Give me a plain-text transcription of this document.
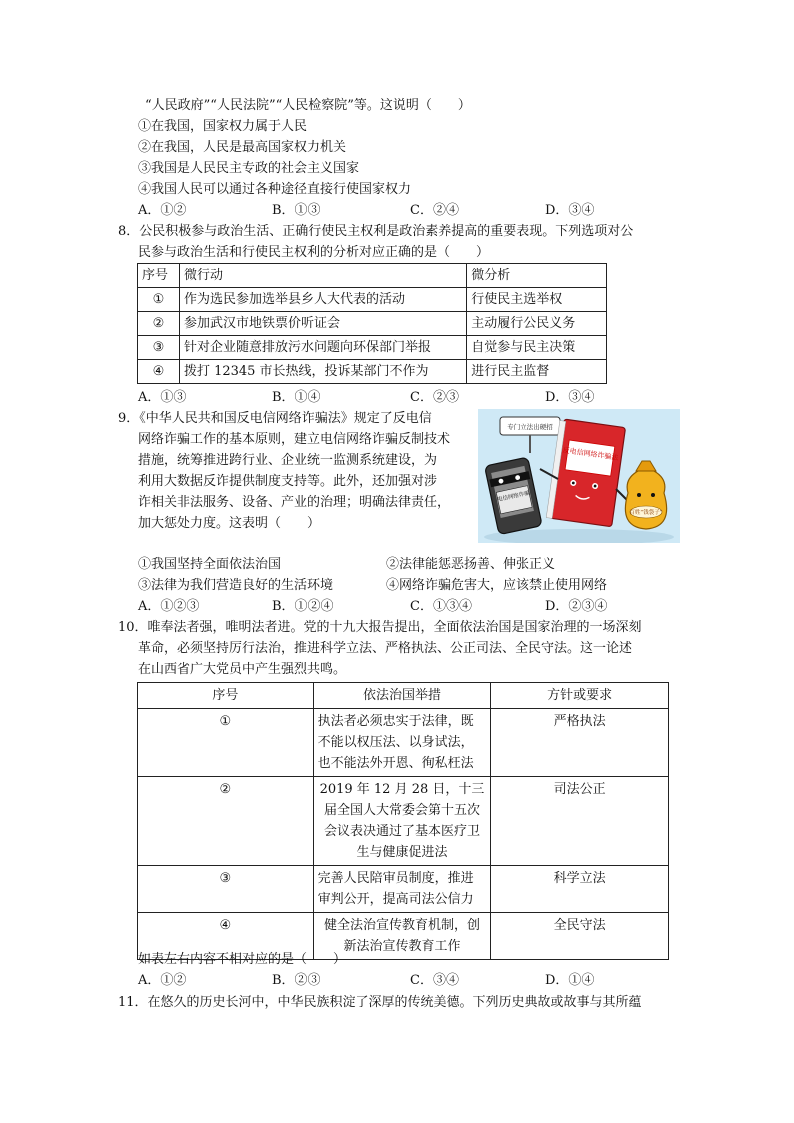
“人民政府”“人民法院”“人民检察院”等。这说明（　　）
①在我国，国家权力属于人民
②在我国，人民是最高国家权力机关
③我国是人民民主专政的社会主义国家
④我国人民可以通过各种途径直接行使国家权力
A．①②	B．①③	C．②④	D．③④
8．公民积极参与政治生活、正确行使民主权利是政治素养提高的重要表现。下列选项对公
民参与政治生活和行使民主权利的分析对应正确的是（　　）
序号	微行动	微分析
①	作为选民参加选举县乡人大代表的活动	行使民主选举权
②	参加武汉市地铁票价听证会	主动履行公民义务
③	针对企业随意排放污水问题向环保部门举报	自觉参与民主决策
④	拨打 12345 市长热线，投诉某部门不作为	进行民主监督
A．①③	B．①④	C．②③	D．③④
9．《中华人民共和国反电信网络诈骗法》规定了反电信
网络诈骗工作的基本原则，建立电信网络诈骗反制技术
措施，统筹推进跨行业、企业统一监测系统建设，为
利用大数据反诈提供制度支持等。此外，还加强对涉
诈相关非法服务、设备、产业的治理；明确法律责任，
加大惩处力度。这表明（　　）
专门立法出硬招
电信网络诈骗
反电信网络诈骗法
百姓“钱袋子”
①我国坚持全面依法治国	②法律能惩恶扬善、伸张正义
③法律为我们营造良好的生活环境	④网络诈骗危害大，应该禁止使用网络
A．①②③	B．①②④	C．①③④	D．②③④
10．唯奉法者强，唯明法者进。党的十九大报告提出，全面依法治国是国家治理的一场深刻
革命，必须坚持厉行法治，推进科学立法、严格执法、公正司法、全民守法。这一论述
在山西省广大党员中产生强烈共鸣。
序号	依法治国举措	方针或要求
①	执法者必须忠实于法律，既不能以权压法、以身试法，也不能法外开恩、徇私枉法	严格执法
②	2019 年 12 月 28 日，十三届全国人大常委会第十五次会议表决通过了基本医疗卫生与健康促进法	司法公正
③	完善人民陪审员制度，推进审判公开，提高司法公信力	科学立法
④	健全法治宣传教育机制，创新法治宣传教育工作	全民守法
如表左右内容不相对应的是（　　）
A．①②	B．②③	C．③④	D．①④
11．在悠久的历史长河中，中华民族积淀了深厚的传统美德。下列历史典故或故事与其所蕴
